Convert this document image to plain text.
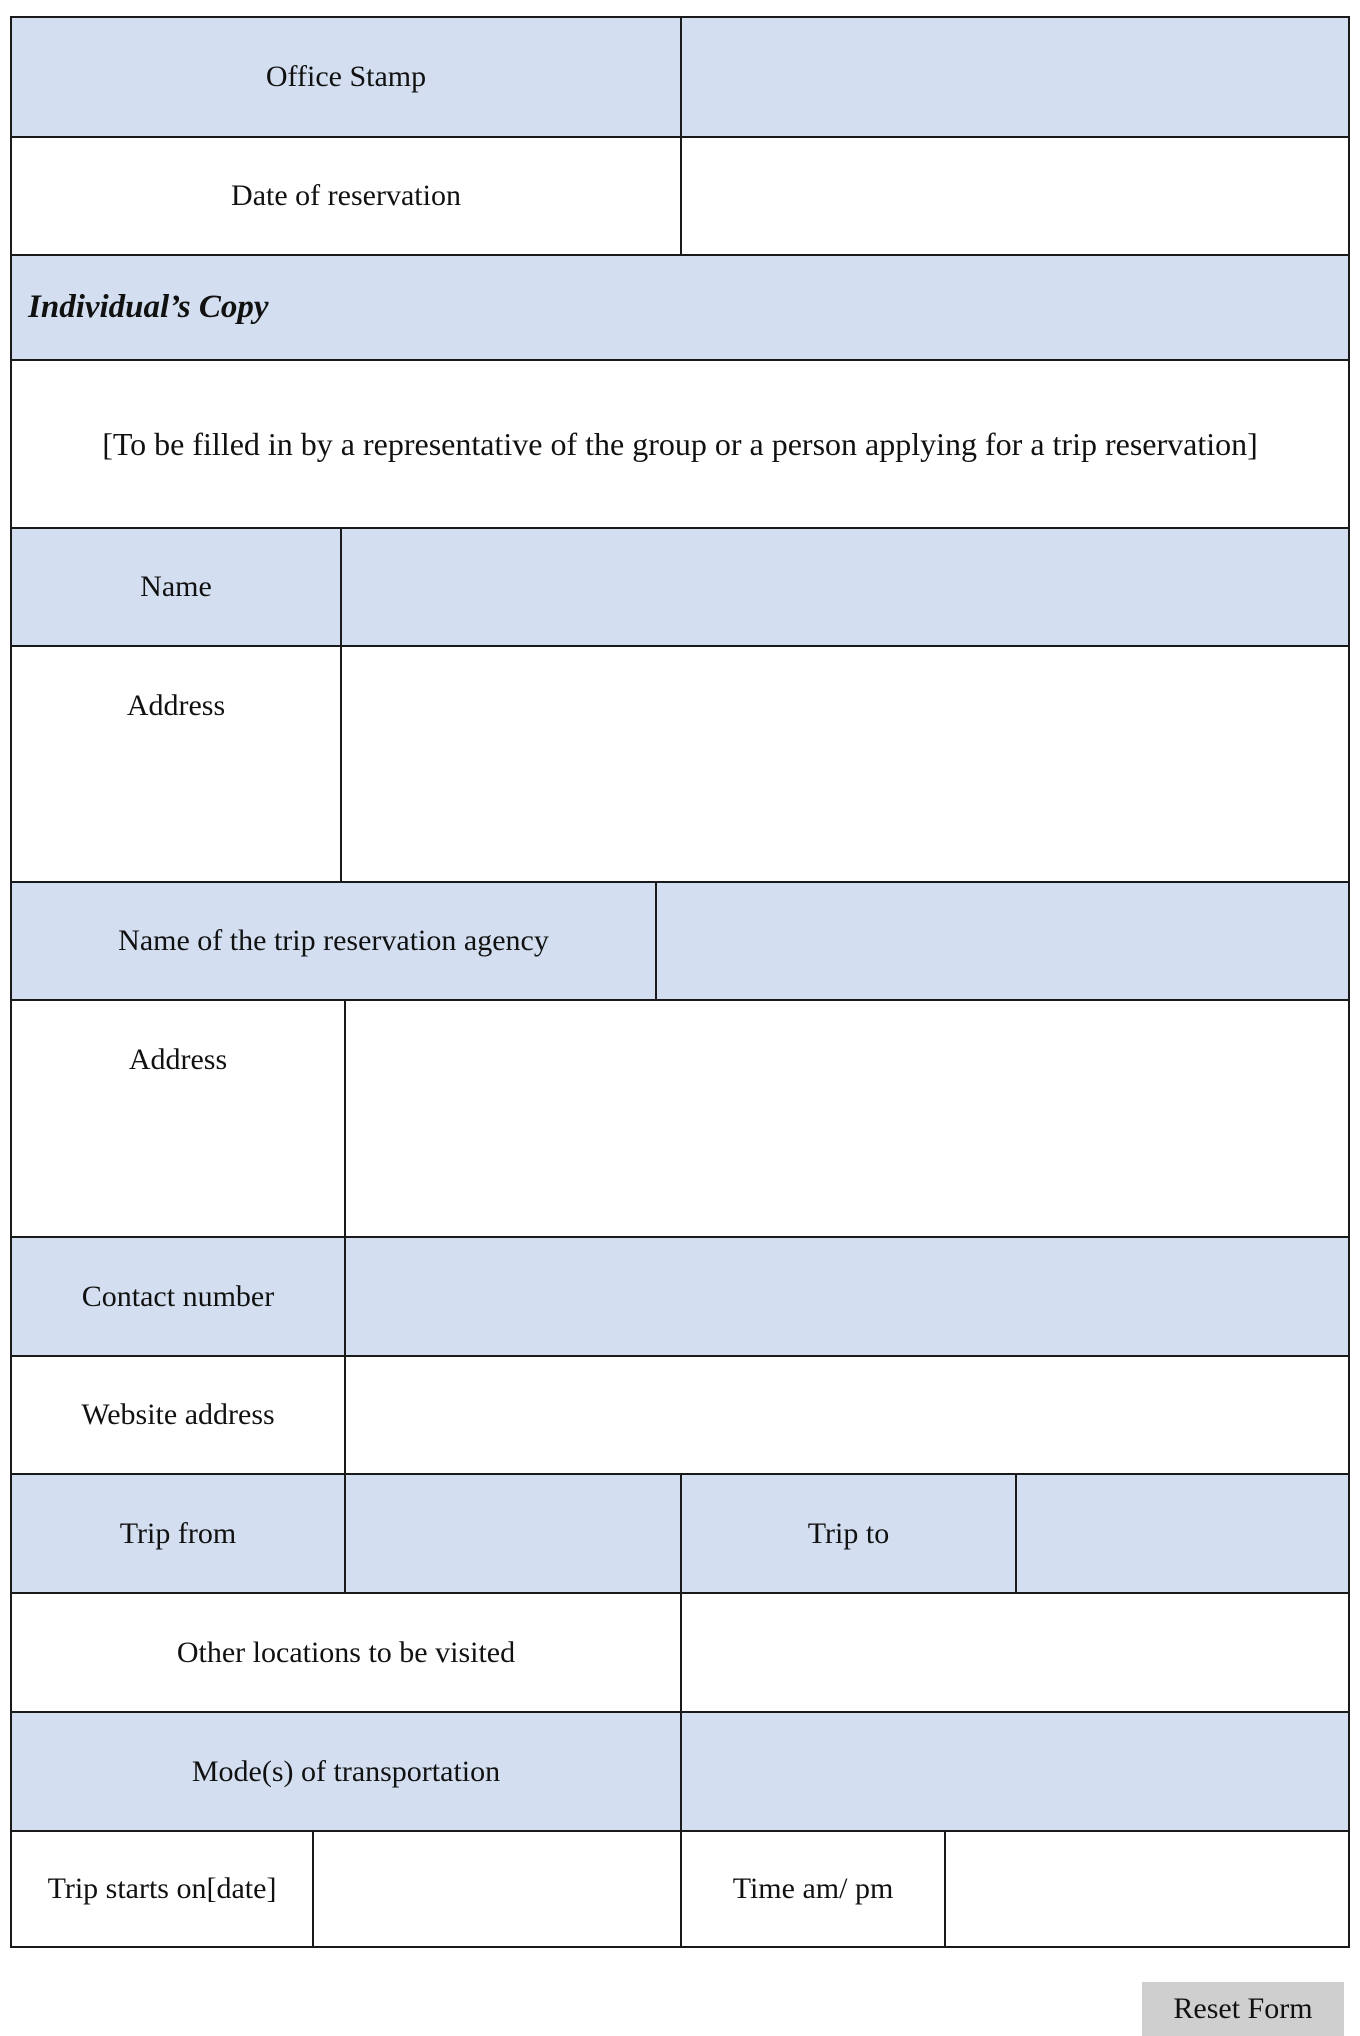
Office Stamp
Date of reservation
Individual’s Copy
[To be filled in by a representative of the group or a person applying for a trip reservation]
Name
Address
Name of the trip reservation agency
Address
Contact number
Website address
Trip from	Trip to
Other locations to be visited
Mode(s) of transportation
Trip starts on[date]	Time am/ pm
Reset Form
